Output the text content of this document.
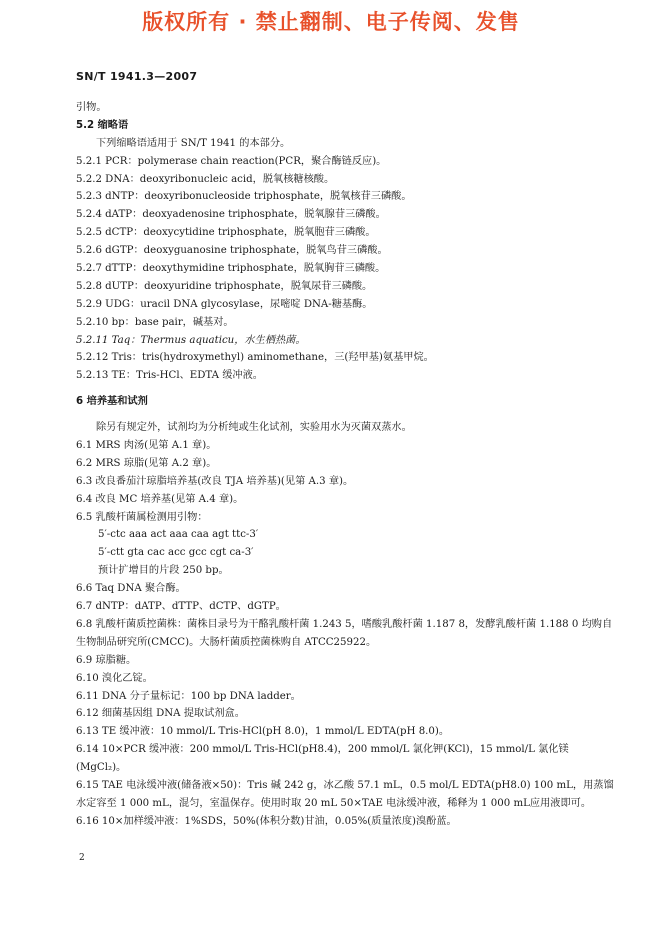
版权所有 · 禁止翻制、电子传阅、发售
SN/T 1941.3—2007
引物。
5.2 缩略语
下列缩略语适用于 SN/T 1941 的本部分。
5.2.1 PCR：polymerase chain reaction(PCR，聚合酶链反应)。
5.2.2 DNA：deoxyribonucleic acid，脱氧核糖核酸。
5.2.3 dNTP：deoxyribonucleoside triphosphate，脱氧核苷三磷酸。
5.2.4 dATP：deoxyadenosine triphosphate，脱氧腺苷三磷酸。
5.2.5 dCTP：deoxycytidine triphosphate，脱氧胞苷三磷酸。
5.2.6 dGTP：deoxyguanosine triphosphate，脱氧鸟苷三磷酸。
5.2.7 dTTP：deoxythymidine triphosphate，脱氧胸苷三磷酸。
5.2.8 dUTP：deoxyuridine triphosphate，脱氧尿苷三磷酸。
5.2.9 UDG：uracil DNA glycosylase，尿嘧啶 DNA-糖基酶。
5.2.10 bp：base pair，碱基对。
5.2.11 Taq：Thermus aquaticu，水生栖热菌。
5.2.12 Tris：tris(hydroxymethyl) aminomethane，三(羟甲基)氨基甲烷。
5.2.13 TE：Tris-HCl、EDTA 缓冲液。
6 培养基和试剂
除另有规定外，试剂均为分析纯或生化试剂，实验用水为灭菌双蒸水。
6.1 MRS 肉汤(见第 A.1 章)。
6.2 MRS 琼脂(见第 A.2 章)。
6.3 改良番茄汁琼脂培养基(改良 TJA 培养基)(见第 A.3 章)。
6.4 改良 MC 培养基(见第 A.4 章)。
6.5 乳酸杆菌属检测用引物：
5′-ctc aaa act aaa caa agt ttc-3′
5′-ctt gta cac acc gcc cgt ca-3′
预计扩增目的片段 250 bp。
6.6 Taq DNA 聚合酶。
6.7 dNTP：dATP、dTTP、dCTP、dGTP。
6.8 乳酸杆菌质控菌株：菌株目录号为干酪乳酸杆菌 1.243 5，嗜酸乳酸杆菌 1.187 8，发酵乳酸杆菌 1.188 0 均购自生物制品研究所(CMCC)。大肠杆菌质控菌株购自 ATCC25922。
6.9 琼脂糖。
6.10 溴化乙锭。
6.11 DNA 分子量标记：100 bp DNA ladder。
6.12 细菌基因组 DNA 提取试剂盒。
6.13 TE 缓冲液：10 mmol/L Tris-HCl(pH 8.0)，1 mmol/L EDTA(pH 8.0)。
6.14 10×PCR 缓冲液：200 mmol/L Tris-HCl(pH8.4)，200 mmol/L 氯化钾(KCl)，15 mmol/L 氯化镁(MgCl₂)。
6.15 TAE 电泳缓冲液(储备液×50)：Tris 碱 242 g，冰乙酸 57.1 mL，0.5 mol/L EDTA(pH8.0) 100 mL，用蒸馏水定容至 1 000 mL，混匀，室温保存。使用时取 20 mL 50×TAE 电泳缓冲液，稀释为 1 000 mL应用液即可。
6.16 10×加样缓冲液：1%SDS，50%(体积分数)甘油，0.05%(质量浓度)溴酚蓝。
2
